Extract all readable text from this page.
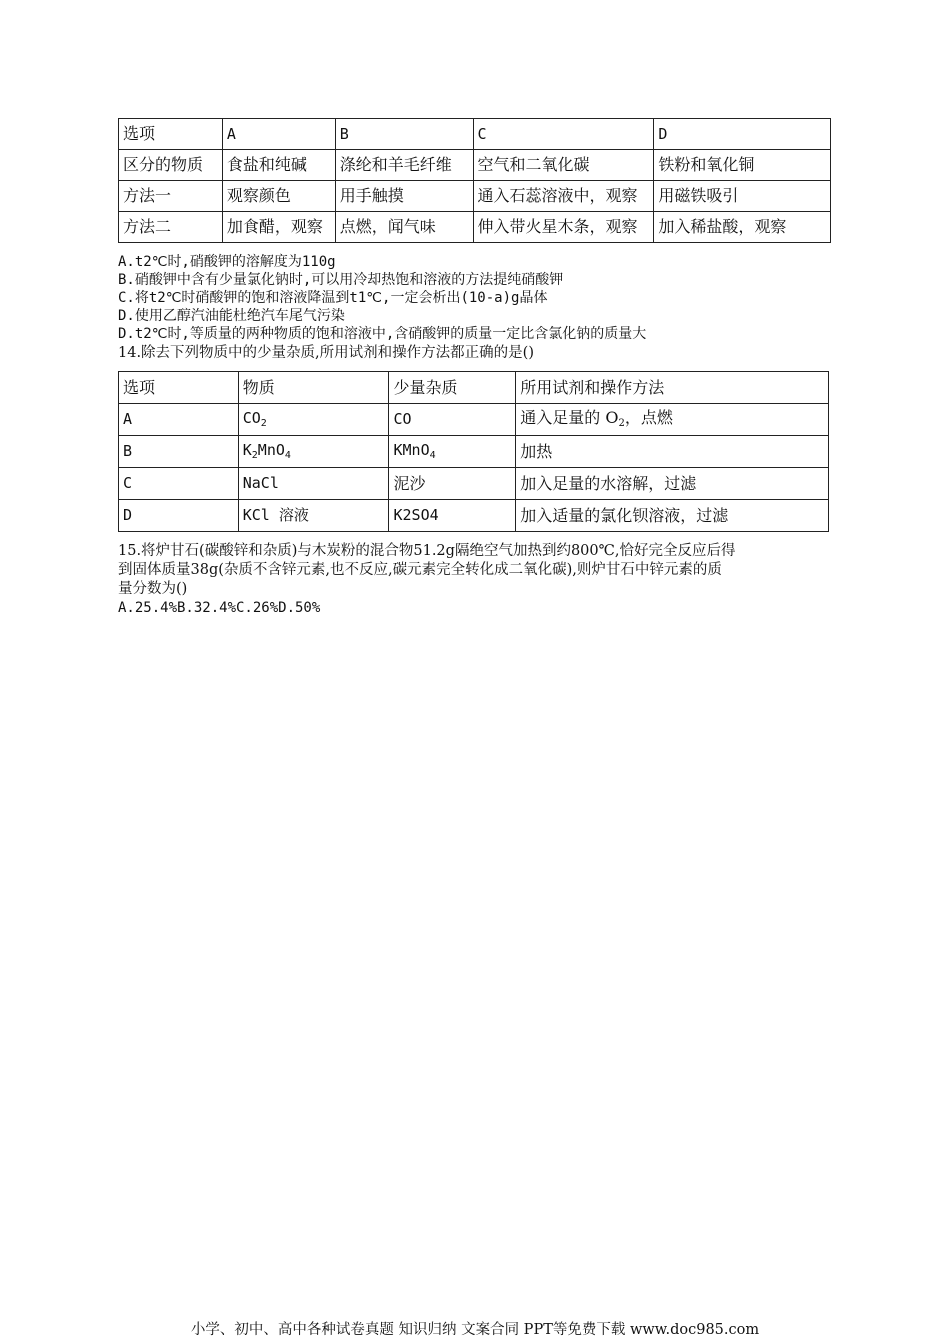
选项	A	B	C	D
区分的物质	食盐和纯碱	涤纶和羊毛纤维	空气和二氧化碳	铁粉和氧化铜
方法一	观察颜色	用手触摸	通入石蕊溶液中，观察	用磁铁吸引
方法二	加食醋，观察	点燃，闻气味	伸入带火星木条，观察	加入稀盐酸，观察
A.t2℃时,硝酸钾的溶解度为110g
B.硝酸钾中含有少量氯化钠时,可以用冷却热饱和溶液的方法提纯硝酸钾
C.将t2℃时硝酸钾的饱和溶液降温到t1℃,一定会析出(10-a)g晶体
D.使用乙醇汽油能杜绝汽车尾气污染
D.t2℃时,等质量的两种物质的饱和溶液中,含硝酸钾的质量一定比含氯化钠的质量大
14.除去下列物质中的少量杂质,所用试剂和操作方法都正确的是()
选项	物质	少量杂质	所用试剂和操作方法
A	$CO_2$	CO	通入足量的 $O_2$，点燃
B	$K_2MnO_4$	KMnO$_4$	加热
C	NaCl	泥沙	加入足量的水溶解，过滤
D	KCl 溶液	K2SO4	加入适量的氯化钡溶液，过滤
15.将炉甘石(碳酸锌和杂质)与木炭粉的混合物51.2g隔绝空气加热到约800℃,恰好完全反应后得
到固体质量38g(杂质不含锌元素,也不反应,碳元素完全转化成二氧化碳),则炉甘石中锌元素的质
量分数为()
A.25.4%B.32.4%C.26%D.50%
小学、初中、高中各种试卷真题 知识归纳 文案合同 PPT等免费下载 www.doc985.com
